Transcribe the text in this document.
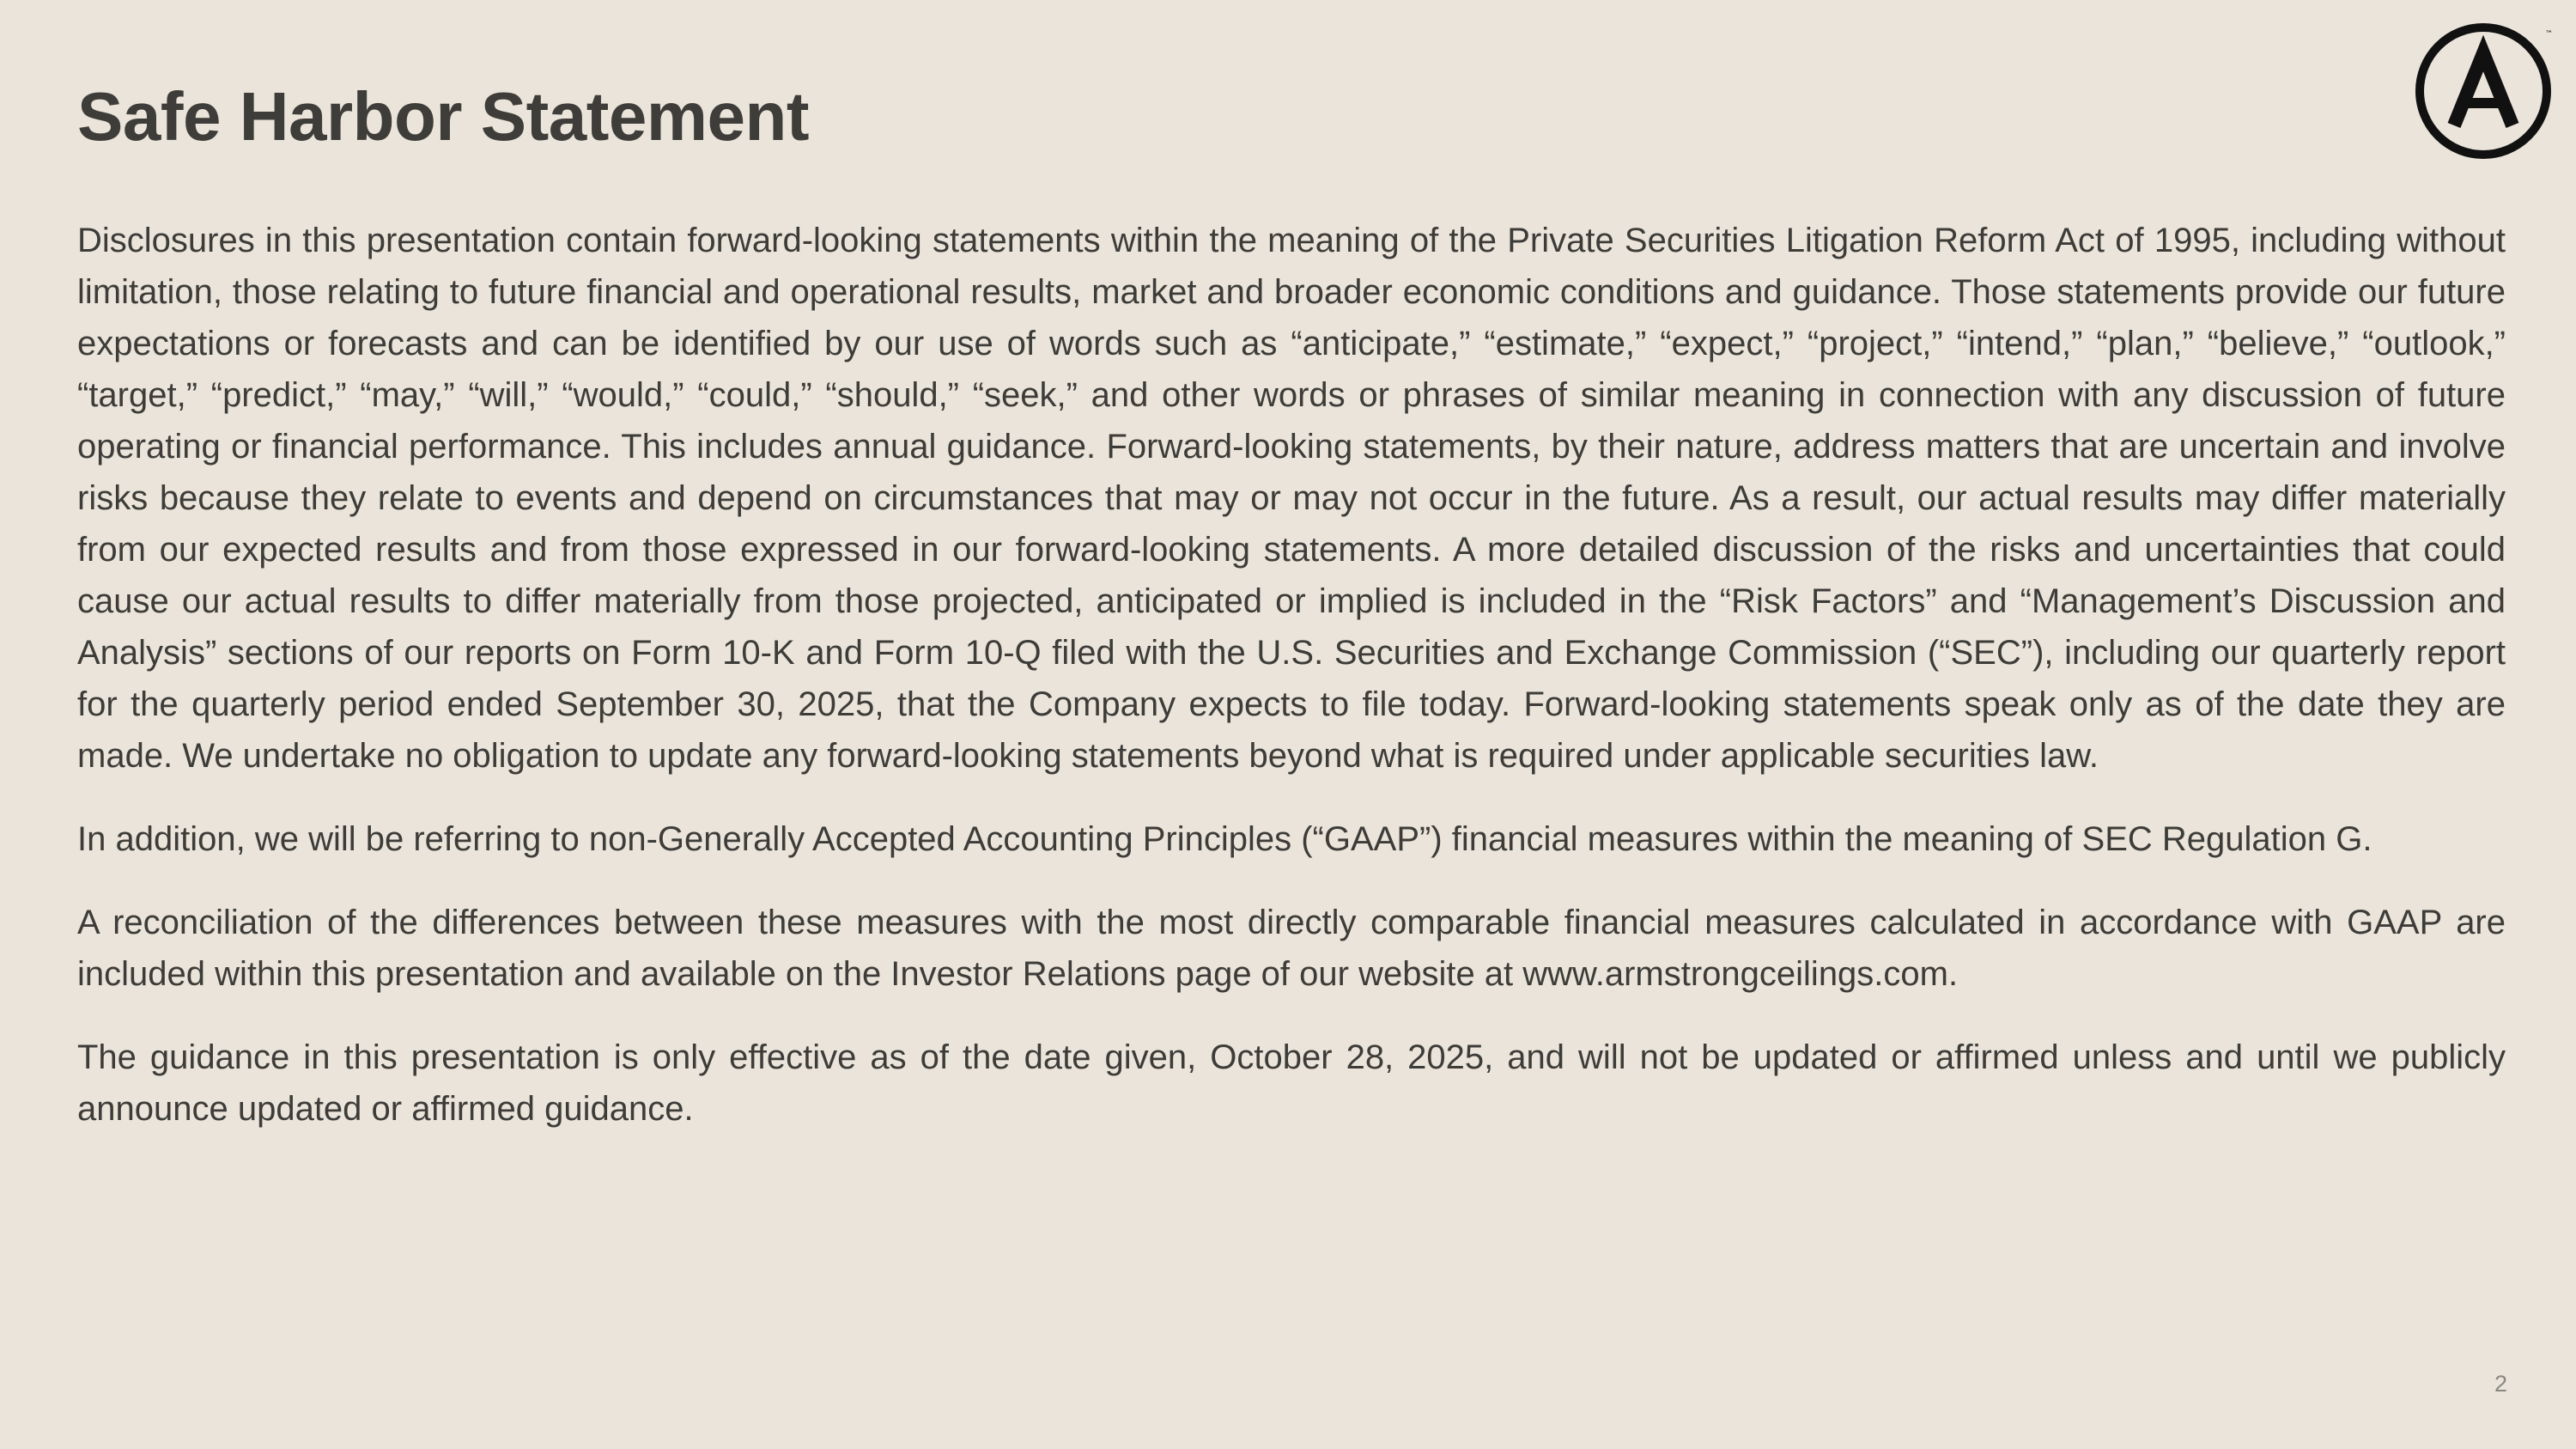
Safe Harbor Statement
™

Disclosures in this presentation contain forward-looking statements within the meaning of the Private Securities Litigation Reform Act of 1995, including without limitation, those relating to future financial and operational results, market and broader economic conditions and guidance. Those statements provide our future expectations or forecasts and can be identified by our use of words such as “anticipate,” “estimate,” “expect,” “project,” “intend,” “plan,” “believe,” “outlook,” “target,” “predict,” “may,” “will,” “would,” “could,” “should,” “seek,” and other words or phrases of similar meaning in connection with any discussion of future operating or financial performance. This includes annual guidance. Forward-looking statements, by their nature, address matters that are uncertain and involve risks because they relate to events and depend on circumstances that may or may not occur in the future. As a result, our actual results may differ materially from our expected results and from those expressed in our forward-looking statements. A more detailed discussion of the risks and uncertainties that could cause our actual results to differ materially from those projected, anticipated or implied is included in the “Risk Factors” and “Management’s Discussion and Analysis” sections of our reports on Form 10-K and Form 10-Q filed with the U.S. Securities and Exchange Commission (“SEC”), including our quarterly report for the quarterly period ended September 30, 2025, that the Company expects to file today. Forward-looking statements speak only as of the date they are made. We undertake no obligation to update any forward-looking statements beyond what is required under applicable securities law.

In addition, we will be referring to non-Generally Accepted Accounting Principles (“GAAP”) financial measures within the meaning of SEC Regulation G.

A reconciliation of the differences between these measures with the most directly comparable financial measures calculated in accordance with GAAP are included within this presentation and available on the Investor Relations page of our website at www.armstrongceilings.com.

The guidance in this presentation is only effective as of the date given, October 28, 2025, and will not be updated or affirmed unless and until we publicly announce updated or affirmed guidance.

2
